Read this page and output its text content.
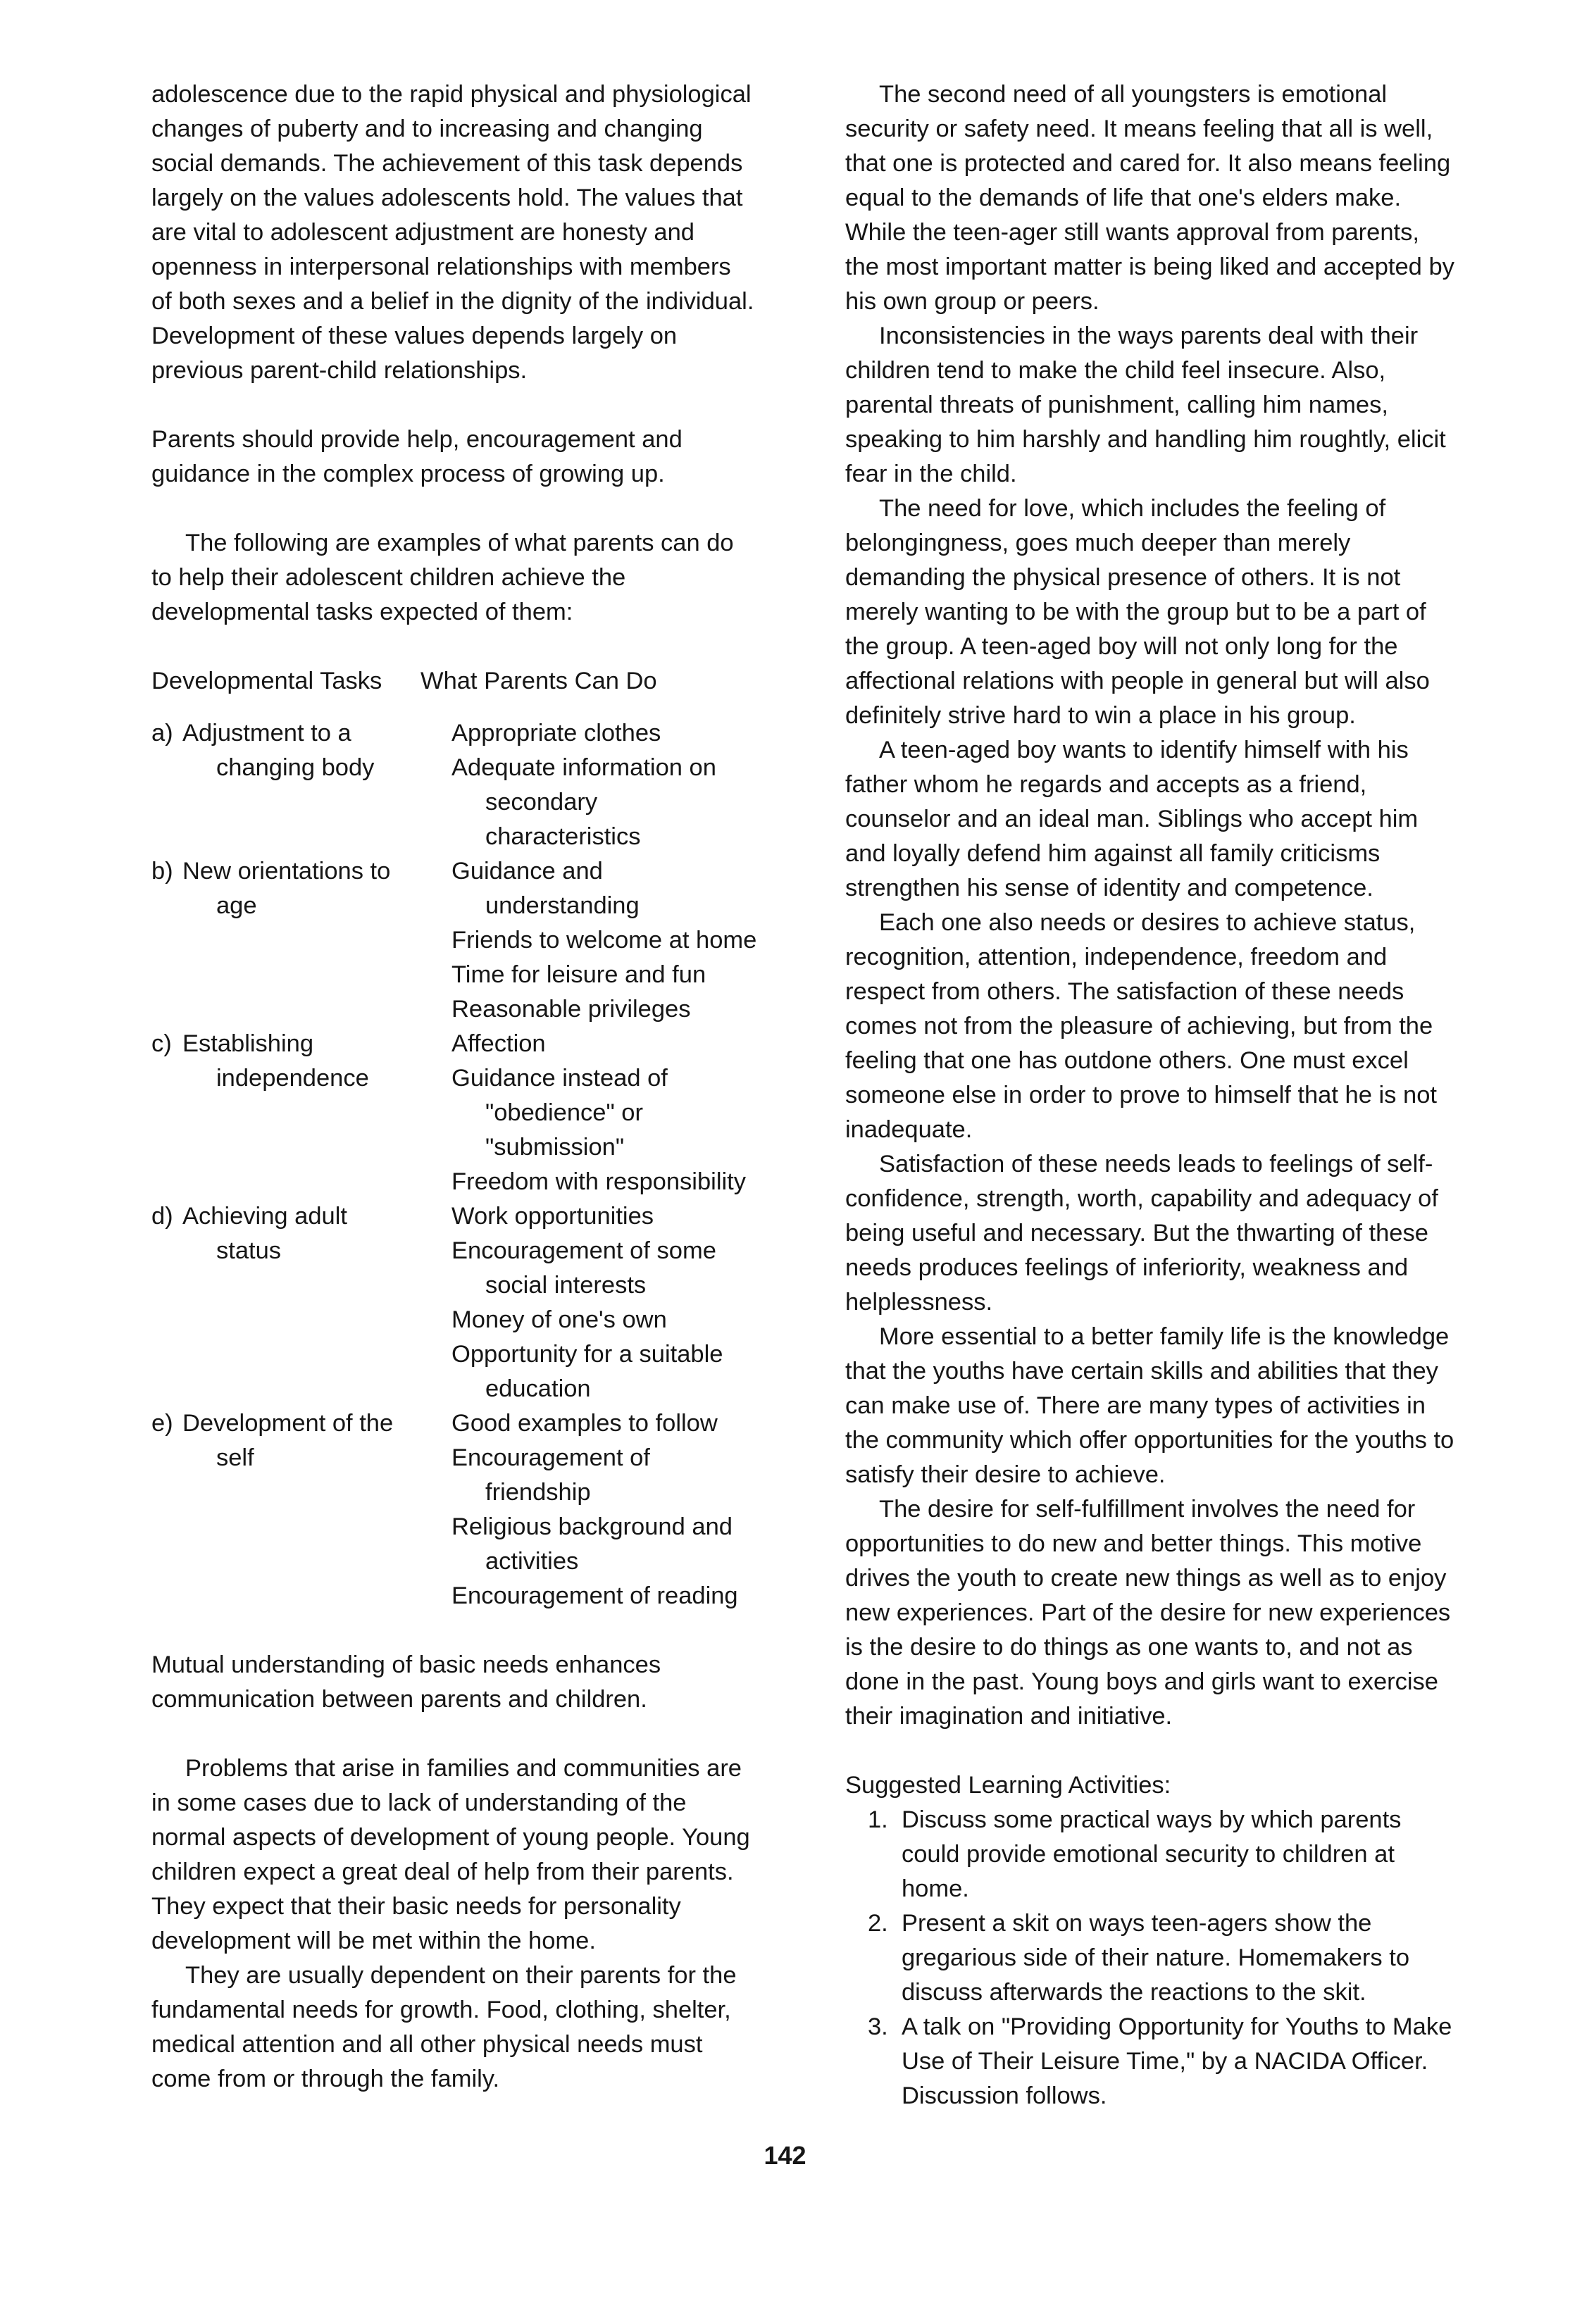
adolescence due to the rapid physical and physiological changes of puberty and to increasing and changing social demands. The achievement of this task depends largely on the values adolescents hold. The values that are vital to adolescent adjustment are honesty and openness in interpersonal relationships with members of both sexes and a belief in the dignity of the individual. Development of these values depends largely on previous parent-child relationships.

Parents should provide help, encouragement and guidance in the complex process of growing up.

The following are examples of what parents can do to help their adolescent children achieve the developmental tasks expected of them:

Developmental Tasks	What Parents Can Do
a) Adjustment to a
changing body
Appropriate clothes
Adequate information on secondary characteristics
b) New orientations to
age
Guidance and understanding
Friends to welcome at home
Time for leisure and fun
Reasonable privileges
c) Establishing
independence
Affection
Guidance instead of "obedience" or "submission"
Freedom with responsibility
d) Achieving adult
status
Work opportunities
Encouragement of some social interests
Money of one's own
Opportunity for a suitable education
e) Development of the
self
Good examples to follow
Encouragement of friendship
Religious background and activities
Encouragement of reading

Mutual understanding of basic needs enhances communication between parents and children.

Problems that arise in families and communities are in some cases due to lack of understanding of the normal aspects of development of young people. Young children expect a great deal of help from their parents. They expect that their basic needs for personality development will be met within the home.

They are usually dependent on their parents for the fundamental needs for growth. Food, clothing, shelter, medical attention and all other physical needs must come from or through the family.

The second need of all youngsters is emotional security or safety need. It means feeling that all is well, that one is protected and cared for. It also means feeling equal to the demands of life that one's elders make. While the teen-ager still wants approval from parents, the most important matter is being liked and accepted by his own group or peers.

Inconsistencies in the ways parents deal with their children tend to make the child feel insecure. Also, parental threats of punishment, calling him names, speaking to him harshly and handling him roughtly, elicit fear in the child.

The need for love, which includes the feeling of belongingness, goes much deeper than merely demanding the physical presence of others. It is not merely wanting to be with the group but to be a part of the group. A teen-aged boy will not only long for the affectional relations with people in general but will also definitely strive hard to win a place in his group.

A teen-aged boy wants to identify himself with his father whom he regards and accepts as a friend, counselor and an ideal man. Siblings who accept him and loyally defend him against all family criticisms strengthen his sense of identity and competence.

Each one also needs or desires to achieve status, recognition, attention, independence, freedom and respect from others. The satisfaction of these needs comes not from the pleasure of achieving, but from the feeling that one has outdone others. One must excel someone else in order to prove to himself that he is not inadequate.

Satisfaction of these needs leads to feelings of self-confidence, strength, worth, capability and adequacy of being useful and necessary. But the thwarting of these needs produces feelings of inferiority, weakness and helplessness.

More essential to a better family life is the knowledge that the youths have certain skills and abilities that they can make use of. There are many types of activities in the community which offer opportunities for the youths to satisfy their desire to achieve.

The desire for self-fulfillment involves the need for opportunities to do new and better things. This motive drives the youth to create new things as well as to enjoy new experiences. Part of the desire for new experiences is the desire to do things as one wants to, and not as done in the past. Young boys and girls want to exercise their imagination and initiative.

Suggested Learning Activities:
1. Discuss some practical ways by which parents could provide emotional security to children at home.
2. Present a skit on ways teen-agers show the gregarious side of their nature. Homemakers to discuss afterwards the reactions to the skit.
3. A talk on "Providing Opportunity for Youths to Make Use of Their Leisure Time," by a NACIDA Officer. Discussion follows.
142
